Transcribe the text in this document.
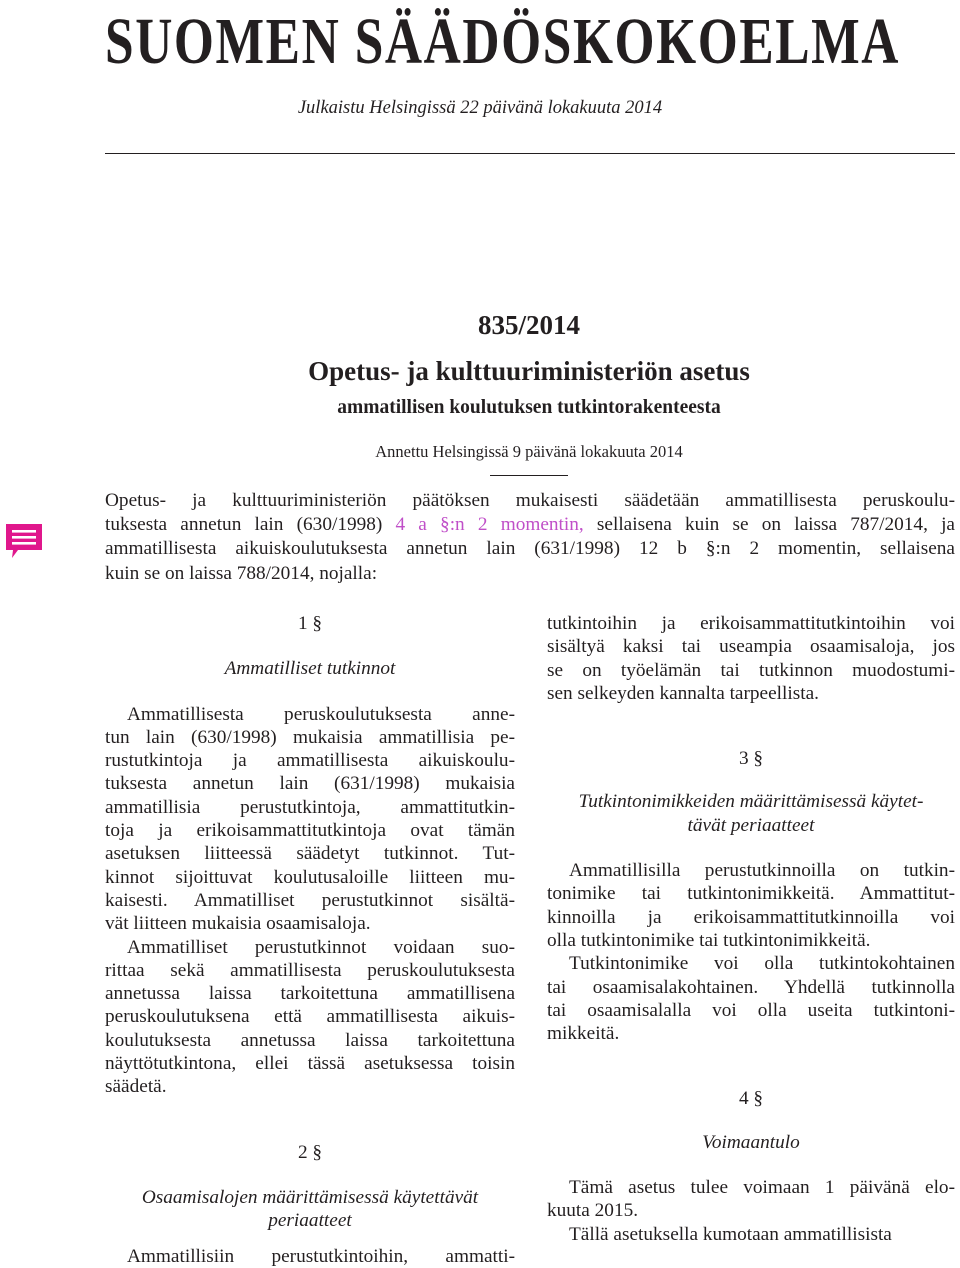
SUOMEN SÄÄDÖSKOKOELMA
Julkaistu Helsingissä 22 päivänä lokakuuta 2014
835/2014
Opetus- ja kulttuuriministeriön asetus
ammatillisen koulutuksen tutkintorakenteesta
Annettu Helsingissä 9 päivänä lokakuuta 2014
Opetus- ja kulttuuriministeriön päätöksen mukaisesti säädetään ammatillisesta peruskoulu-
tuksesta annetun lain (630/1998) 4 a §:n 2 momentin, sellaisena kuin se on laissa 787/2014, ja
ammatillisesta aikuiskoulutuksesta annetun lain (631/1998) 12 b §:n 2 momentin, sellaisena
kuin se on laissa 788/2014, nojalla:
1 §
Ammatilliset tutkinnot
Ammatillisesta peruskoulutuksesta anne-
tun lain (630/1998) mukaisia ammatillisia pe-
rustutkintoja ja ammatillisesta aikuiskoulu-
tuksesta annetun lain (631/1998) mukaisia
ammatillisia perustutkintoja, ammattitutkin-
toja ja erikoisammattitutkintoja ovat tämän
asetuksen liitteessä säädetyt tutkinnot. Tut-
kinnot sijoittuvat koulutusaloille liitteen mu-
kaisesti. Ammatilliset perustutkinnot sisältä-
vät liitteen mukaisia osaamisaloja.
Ammatilliset perustutkinnot voidaan suo-
rittaa sekä ammatillisesta peruskoulutuksesta
annetussa laissa tarkoitettuna ammatillisena
peruskoulutuksena että ammatillisesta aikuis-
koulutuksesta annetussa laissa tarkoitettuna
näyttötutkintona, ellei tässä asetuksessa toisin
säädetä.
2 §
Osaamisalojen määrittämisessä käytettävät
periaatteet
Ammatillisiin perustutkintoihin, ammatti-
tutkintoihin ja erikoisammattitutkintoihin voi
sisältyä kaksi tai useampia osaamisaloja, jos
se on työelämän tai tutkinnon muodostumi-
sen selkeyden kannalta tarpeellista.
3 §
Tutkintonimikkeiden määrittämisessä käytet-
tävät periaatteet
Ammatillisilla perustutkinnoilla on tutkin-
tonimike tai tutkintonimikkeitä. Ammattitut-
kinnoilla ja erikoisammattitutkinnoilla voi
olla tutkintonimike tai tutkintonimikkeitä.
Tutkintonimike voi olla tutkintokohtainen
tai osaamisalakohtainen. Yhdellä tutkinnolla
tai osaamisalalla voi olla useita tutkintoni-
mikkeitä.
4 §
Voimaantulo
Tämä asetus tulee voimaan 1 päivänä elo-
kuuta 2015.
Tällä asetuksella kumotaan ammatillisista
